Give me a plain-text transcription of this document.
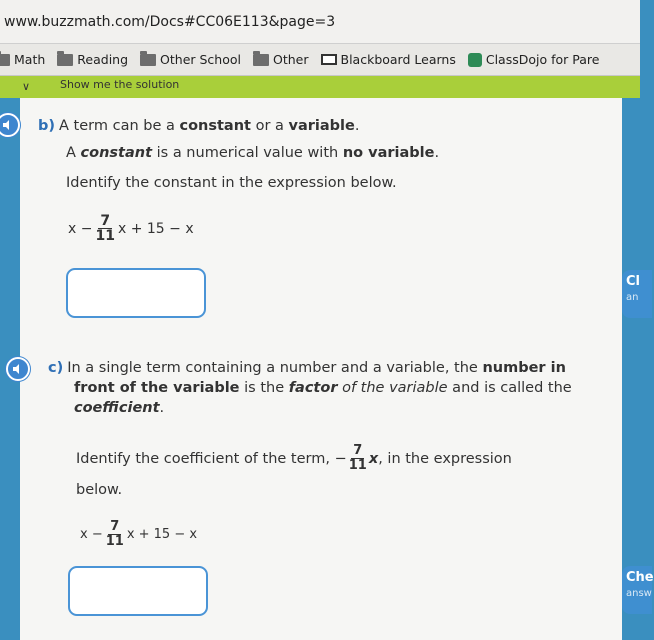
www.buzzmath.com/Docs#CC06E113&page=3
Math	Reading	Other School	Other	Blackboard Learns ClassDojo for Pare
∨	Show me the solution
b) A term can be a constant or a variable.
A constant is a numerical value with no variable.
Identify the constant in the expression below.
$x - \frac{7}{11}$ x + 15 − x
Cl
an
c) In a single term containing a number and a variable, the number in front of the variable is the factor of the variable and is called the coefficient.
Identify the coefficient of the term, − $\frac{7}{11}$ x , in the expression
below.
$x - \frac{7}{11}$ x + 15 − x
Che
answ
